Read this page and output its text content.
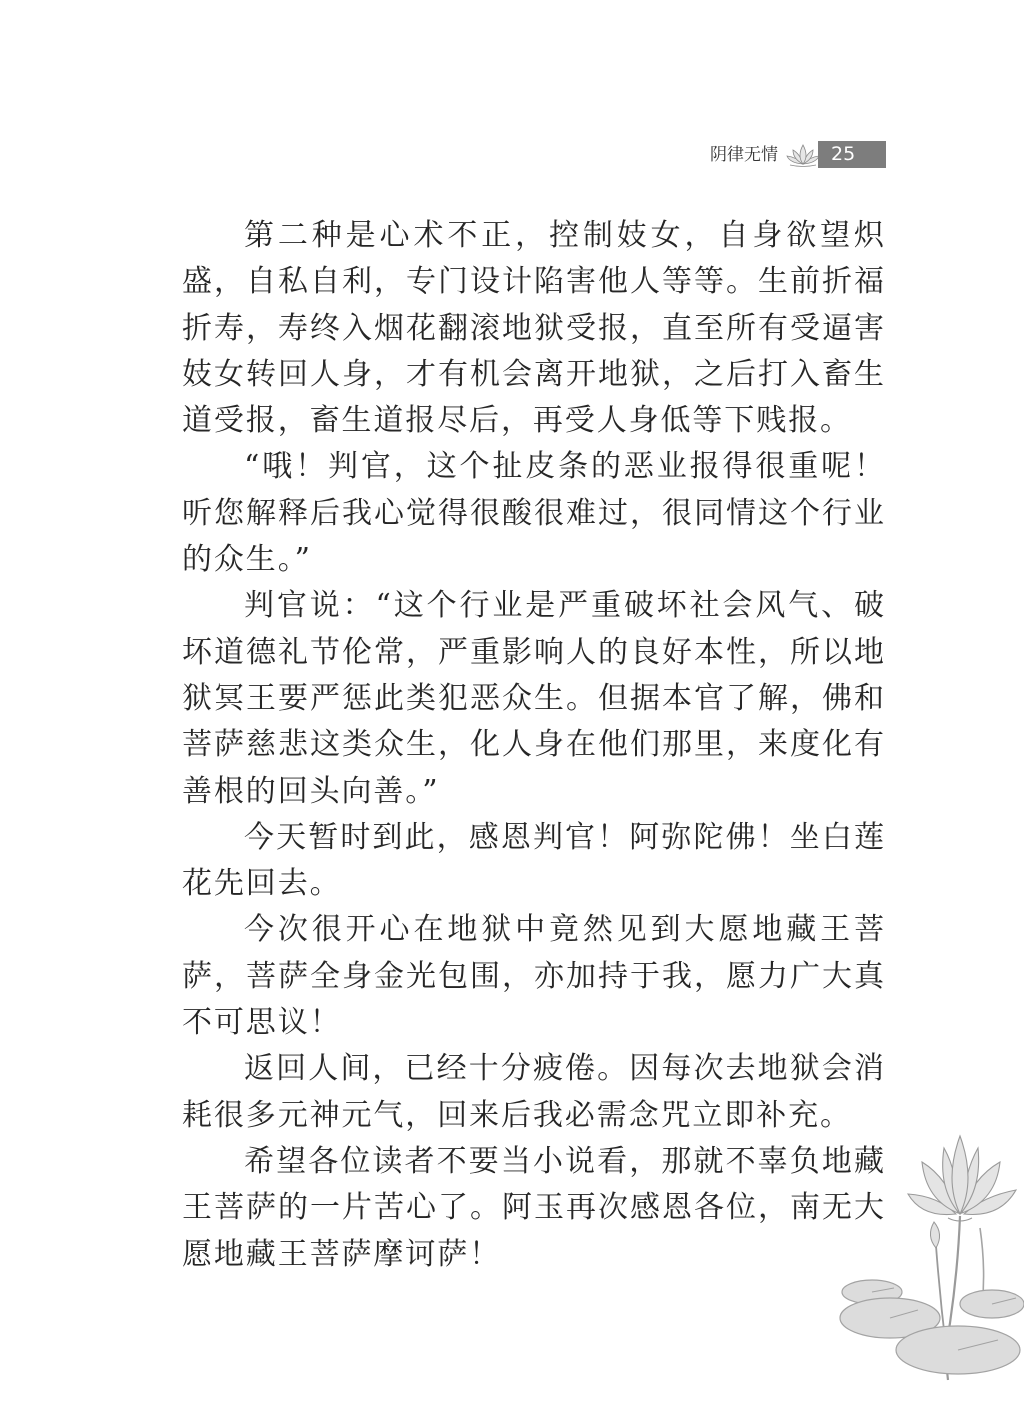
阴律无情	25
第二种是心术不正，控制妓女，自身欲望炽
盛，自私自利，专门设计陷害他人等等。生前折福
折寿，寿终入烟花翻滚地狱受报，直至所有受逼害
妓女转回人身，才有机会离开地狱，之后打入畜生
道受报，畜生道报尽后，再受人身低等下贱报。
“哦！判官，这个扯皮条的恶业报得很重呢！
听您解释后我心觉得很酸很难过，很同情这个行业
的众生。”
判官说：“这个行业是严重破坏社会风气、破
坏道德礼节伦常，严重影响人的良好本性，所以地
狱冥王要严惩此类犯恶众生。但据本官了解，佛和
菩萨慈悲这类众生，化人身在他们那里，来度化有
善根的回头向善。”
今天暂时到此，感恩判官！阿弥陀佛！坐白莲
花先回去。
今次很开心在地狱中竟然见到大愿地藏王菩
萨，菩萨全身金光包围，亦加持于我，愿力广大真
不可思议！
返回人间，已经十分疲倦。因每次去地狱会消
耗很多元神元气，回来后我必需念咒立即补充。
希望各位读者不要当小说看，那就不辜负地藏
王菩萨的一片苦心了。阿玉再次感恩各位，南无大
愿地藏王菩萨摩诃萨！
